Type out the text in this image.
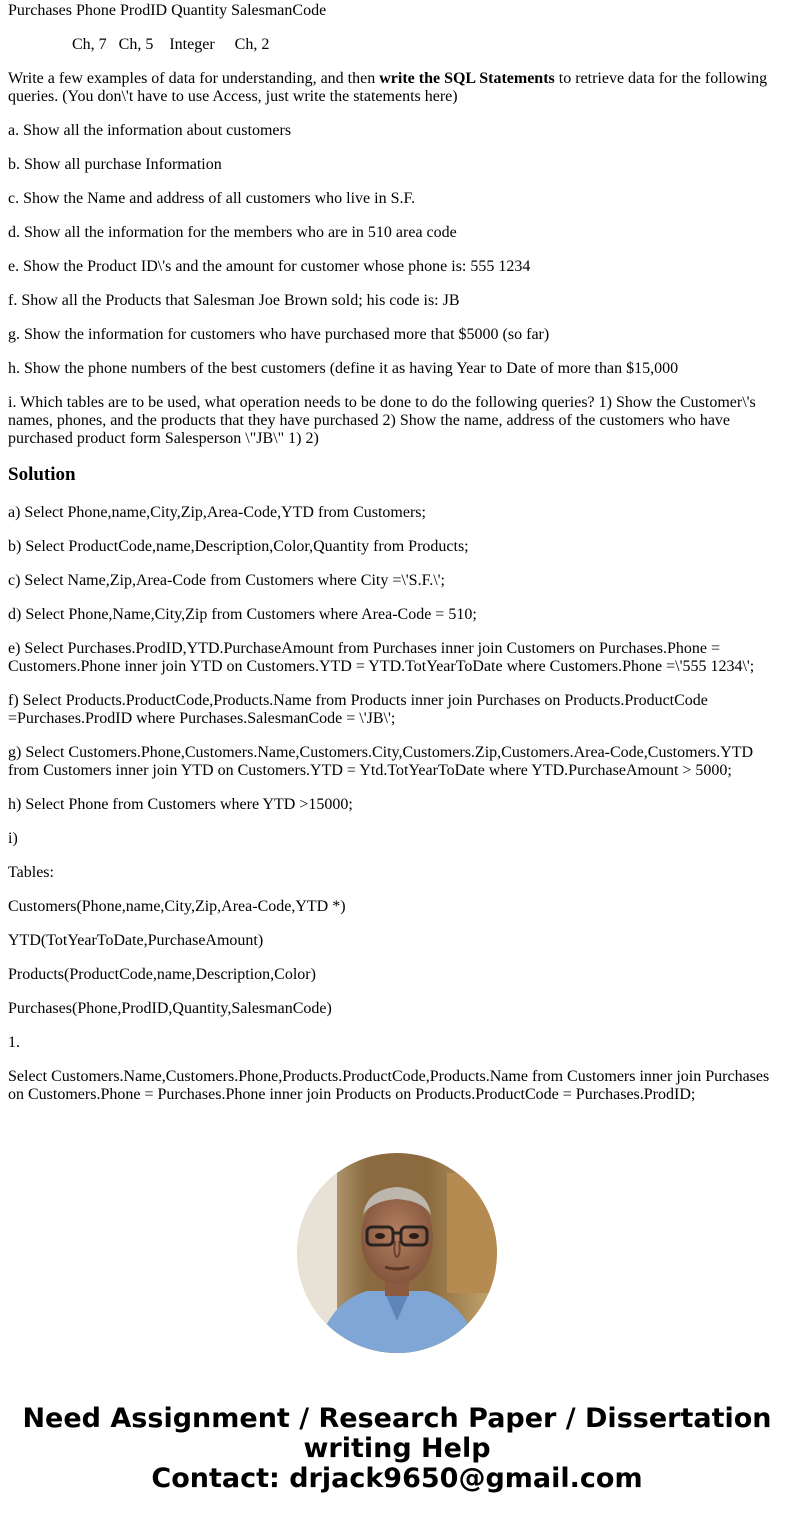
Purchases Phone ProdID Quantity SalesmanCode

Ch, 7   Ch, 5    Integer     Ch, 2

Write a few examples of data for understanding, and then write the SQL Statements to retrieve data for the following queries. (You don\'t have to use Access, just write the statements here)

a. Show all the information about customers

b. Show all purchase Information

c. Show the Name and address of all customers who live in S.F.

d. Show all the information for the members who are in 510 area code

e. Show the Product ID\'s and the amount for customer whose phone is: 555 1234

f. Show all the Products that Salesman Joe Brown sold; his code is: JB

g. Show the information for customers who have purchased more that $5000 (so far)

h. Show the phone numbers of the best customers (define it as having Year to Date of more than $15,000

i. Which tables are to be used, what operation needs to be done to do the following queries? 1) Show the Customer\'s names, phones, and the products that they have purchased 2) Show the name, address of the customers who have purchased product form Salesperson \"JB\" 1) 2)

Solution

a) Select Phone,name,City,Zip,Area-Code,YTD from Customers;

b) Select ProductCode,name,Description,Color,Quantity from Products;

c) Select Name,Zip,Area-Code from Customers where City =\'S.F.\';

d) Select Phone,Name,City,Zip from Customers where Area-Code = 510;

e) Select Purchases.ProdID,YTD.PurchaseAmount from Purchases inner join Customers on Purchases.Phone = Customers.Phone inner join YTD on Customers.YTD = YTD.TotYearToDate where Customers.Phone =\'555 1234\';

f) Select Products.ProductCode,Products.Name from Products inner join Purchases on Products.ProductCode =Purchases.ProdID where Purchases.SalesmanCode = \'JB\';

g) Select Customers.Phone,Customers.Name,Customers.City,Customers.Zip,Customers.Area-Code,Customers.YTD from Customers inner join YTD on Customers.YTD = Ytd.TotYearToDate where YTD.PurchaseAmount > 5000;

h) Select Phone from Customers where YTD >15000;

i)

Tables:

Customers(Phone,name,City,Zip,Area-Code,YTD *)

YTD(TotYearToDate,PurchaseAmount)

Products(ProductCode,name,Description,Color)

Purchases(Phone,ProdID,Quantity,SalesmanCode)

1.

Select Customers.Name,Customers.Phone,Products.ProductCode,Products.Name from Customers inner join Purchases on Customers.Phone = Purchases.Phone inner join Products on Products.ProductCode = Purchases.ProdID;

Need Assignment / Research Paper / Dissertation
writing Help
Contact: drjack9650@gmail.com
